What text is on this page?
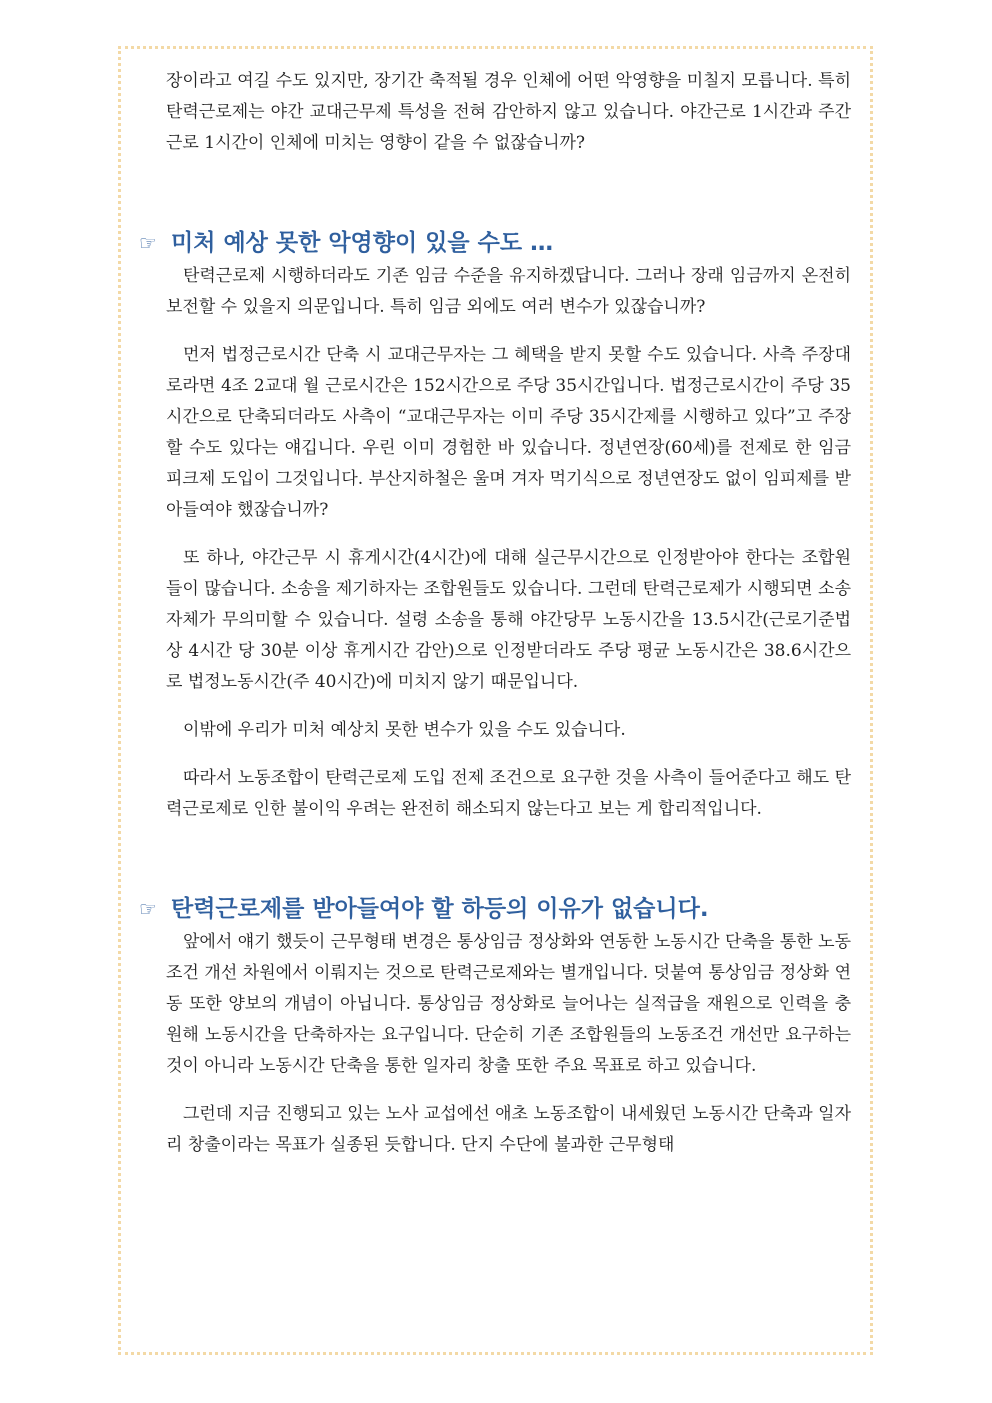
장이라고 여길 수도 있지만, 장기간 축적될 경우 인체에 어떤 악영향을 미칠지 모릅니다. 특히 탄력근로제는 야간 교대근무제 특성을 전혀 감안하지 않고 있습니다. 야간근로 1시간과 주간근로 1시간이 인체에 미치는 영향이 같을 수 없잖습니까?

☞ 미처 예상 못한 악영향이 있을 수도 …

탄력근로제 시행하더라도 기존 임금 수준을 유지하겠답니다. 그러나 장래 임금까지 온전히 보전할 수 있을지 의문입니다. 특히 임금 외에도 여러 변수가 있잖습니까?

먼저 법정근로시간 단축 시 교대근무자는 그 혜택을 받지 못할 수도 있습니다. 사측 주장대로라면 4조 2교대 월 근로시간은 152시간으로 주당 35시간입니다. 법정근로시간이 주당 35시간으로 단축되더라도 사측이 “교대근무자는 이미 주당 35시간제를 시행하고 있다”고 주장할 수도 있다는 얘깁니다. 우린 이미 경험한 바 있습니다. 정년연장(60세)를 전제로 한 임금피크제 도입이 그것입니다. 부산지하철은 울며 겨자 먹기식으로 정년연장도 없이 임피제를 받아들여야 했잖습니까?

또 하나, 야간근무 시 휴게시간(4시간)에 대해 실근무시간으로 인정받아야 한다는 조합원들이 많습니다. 소송을 제기하자는 조합원들도 있습니다. 그런데 탄력근로제가 시행되면 소송 자체가 무의미할 수 있습니다. 설령 소송을 통해 야간당무 노동시간을 13.5시간(근로기준법상 4시간 당 30분 이상 휴게시간 감안)으로 인정받더라도 주당 평균 노동시간은 38.6시간으로 법정노동시간(주 40시간)에 미치지 않기 때문입니다.

이밖에 우리가 미처 예상치 못한 변수가 있을 수도 있습니다.

따라서 노동조합이 탄력근로제 도입 전제 조건으로 요구한 것을 사측이 들어준다고 해도 탄력근로제로 인한 불이익 우려는 완전히 해소되지 않는다고 보는 게 합리적입니다.

☞ 탄력근로제를 받아들여야 할 하등의 이유가 없습니다.

앞에서 얘기 했듯이 근무형태 변경은 통상임금 정상화와 연동한 노동시간 단축을 통한 노동조건 개선 차원에서 이뤄지는 것으로 탄력근로제와는 별개입니다. 덧붙여 통상임금 정상화 연동 또한 양보의 개념이 아닙니다. 통상임금 정상화로 늘어나는 실적급을 재원으로 인력을 충원해 노동시간을 단축하자는 요구입니다. 단순히 기존 조합원들의 노동조건 개선만 요구하는 것이 아니라 노동시간 단축을 통한 일자리 창출 또한 주요 목표로 하고 있습니다.

그런데 지금 진행되고 있는 노사 교섭에선 애초 노동조합이 내세웠던 노동시간 단축과 일자리 창출이라는 목표가 실종된 듯합니다. 단지 수단에 불과한 근무형태
